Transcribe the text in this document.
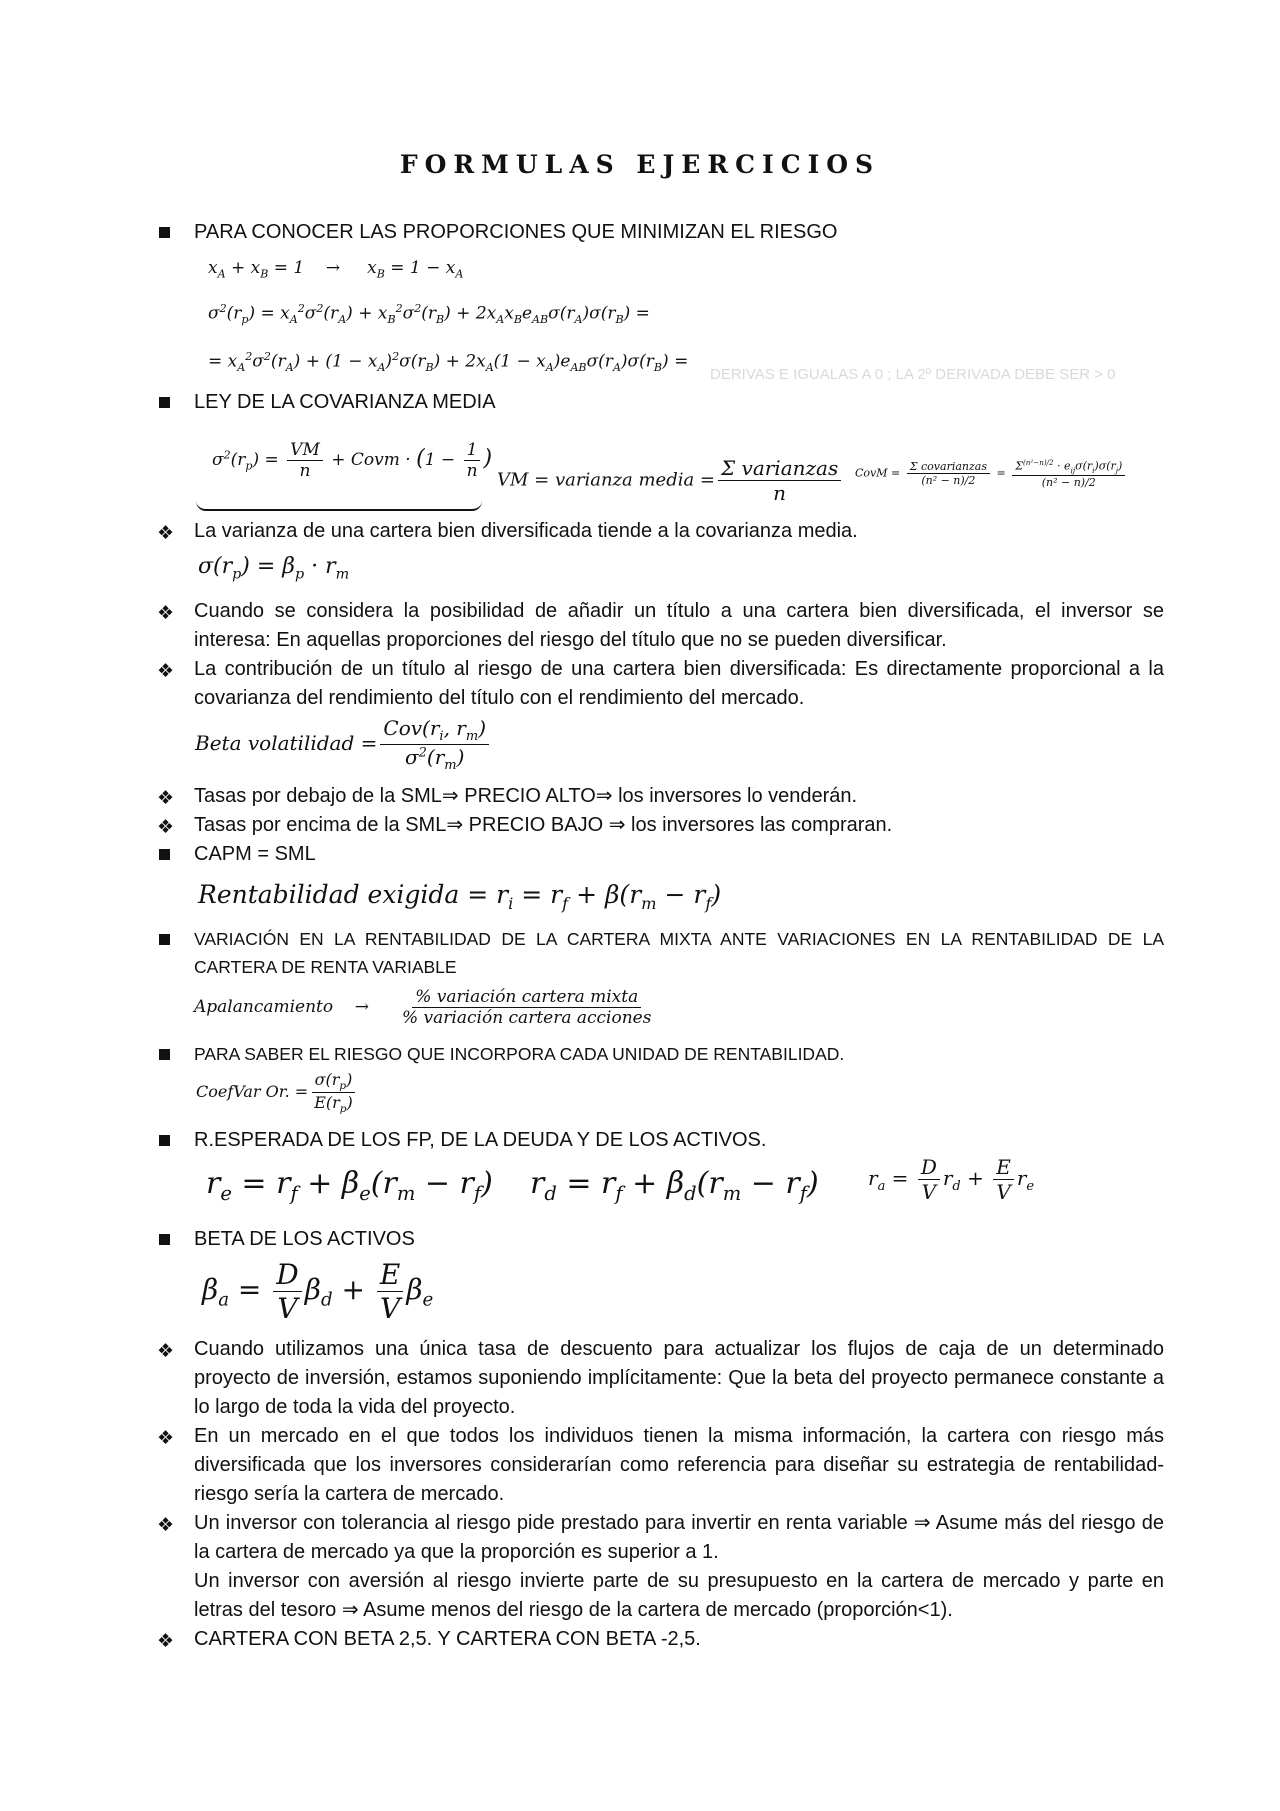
FORMULAS EJERCICIOS
PARA CONOCER LAS PROPORCIONES QUE MINIMIZAN EL RIESGO
$x_A + x_B = 1$    →     $x_B = 1 - x_A$
$\sigma^2(r_p) = x_A^2\sigma^2(r_A) + x_B^2\sigma^2(r_B) + 2x_Ax_Be_{AB}\sigma(r_A)\sigma(r_B)$ =
= $x_A^2\sigma^2(r_A) + (1 - x_A)^2\sigma(r_B) + 2x_A(1 - x_A)e_{AB}\sigma(r_A)\sigma(r_B)$ =
DERIVAS E IGUALAS A 0 ; LA 2º DERIVADA DEBE SER > 0
LEY DE LA COVARIANZA MEDIA
$\sigma^2(r_p) = \frac{VM}{n}$ + Covm · ($1 - \frac{1}{n}$ )
VM = varianza media = $\frac{\text{Σ varianzas}}{n}$ CovM = $\frac{\text{Σ covarianzas}}{\text{(n² − n)/2}} = \frac{\Sigma^{(n^2-n)/2} \cdot e_{ij}\sigma(r_i)\sigma(r_j)}{\text{(n² − n)/2}}$
❖ La varianza de una cartera bien diversificada tiende a la covarianza media.
$\sigma(r_p) = \beta_p \cdot r_m$
❖ Cuando se considera la posibilidad de añadir un título a una cartera bien diversificada, el inversor se interesa: En aquellas proporciones del riesgo del título que no se pueden diversificar.
❖ La contribución de un título al riesgo de una cartera bien diversificada: Es directamente proporcional a la covarianza del rendimiento del título con el rendimiento del mercado.
Beta volatilidad = $\frac{Cov(r_i, r_m)}{\sigma^2(r_m)}$
❖ Tasas por debajo de la SML⇒ PRECIO ALTO⇒ los inversores lo venderán.
❖ Tasas por encima de la SML⇒ PRECIO BAJO ⇒ los inversores las compraran.
CAPM = SML
Rentabilidad exigida = $r_i = r_f + \beta(r_m - r_f)$
VARIACIÓN EN LA RENTABILIDAD DE LA CARTERA MIXTA ANTE VARIACIONES EN LA RENTABILIDAD DE LA CARTERA DE RENTA VARIABLE
Apalancamiento    → $\frac{\text{\% variación cartera mixta}}{\text{\% variación cartera acciones}}$
PARA SABER EL RIESGO QUE INCORPORA CADA UNIDAD DE RENTABILIDAD.
CoefVar Or. = $\frac{\sigma(r_p)}{E(r_p)}$
R.ESPERADA DE LOS FP, DE LA DEUDA Y DE LOS ACTIVOS.
$r_e = r_f + \beta_e(r_m - r_f) r_d = r_f + \beta_d(r_m - r_f) r_a = \frac{D}{V} r_d + \frac{E}{V} r_e$
BETA DE LOS ACTIVOS
$\beta_a = \frac{D}{V} \beta_d + \frac{E}{V} \beta_e$
❖ Cuando utilizamos una única tasa de descuento para actualizar los flujos de caja de un determinado proyecto de inversión, estamos suponiendo implícitamente: Que la beta del proyecto permanece constante a lo largo de toda la vida del proyecto.
❖ En un mercado en el que todos los individuos tienen la misma información, la cartera con riesgo más diversificada que los inversores considerarían como referencia para diseñar su estrategia de rentabilidad-riesgo sería la cartera de mercado.
❖ Un inversor con tolerancia al riesgo pide prestado para invertir en renta variable ⇒ Asume más del riesgo de la cartera de mercado ya que la proporción es superior a 1.
Un inversor con aversión al riesgo invierte parte de su presupuesto en la cartera de mercado y parte en letras del tesoro ⇒ Asume menos del riesgo de la cartera de mercado (proporción<1).
❖ CARTERA CON BETA 2,5. Y CARTERA CON BETA -2,5.
